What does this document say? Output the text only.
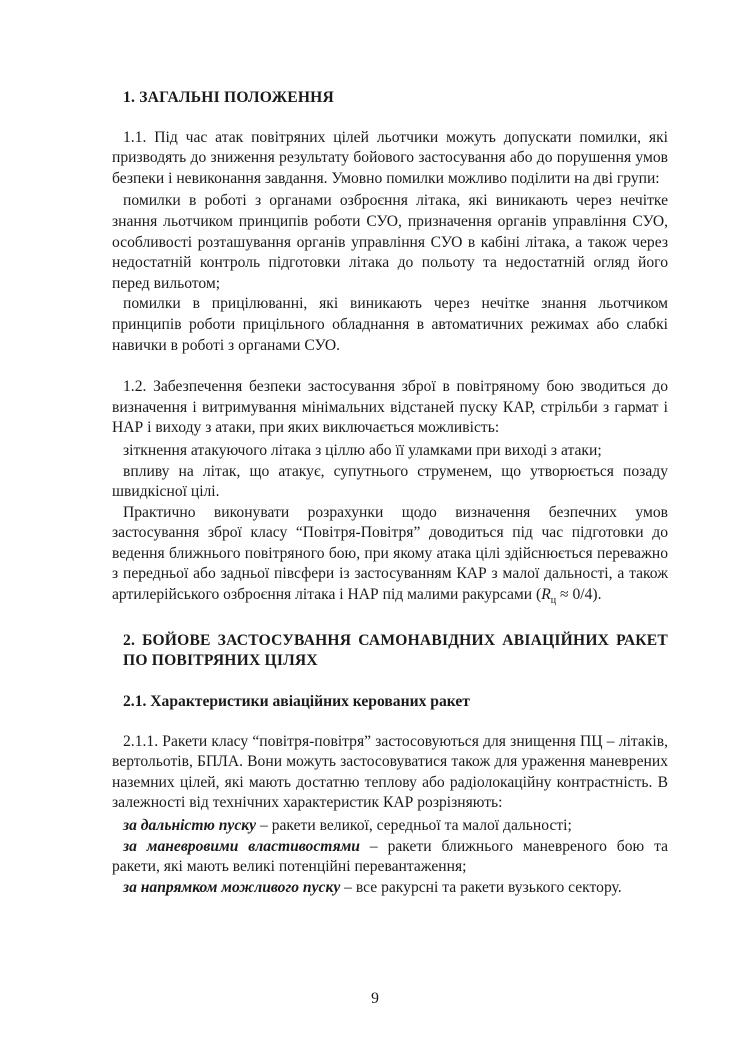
1. ЗАГАЛЬНІ ПОЛОЖЕННЯ

1.1. Під час атак повітряних цілей льотчики можуть допускати помилки, які призводять до зниження результату бойового застосування або до порушення умов безпеки і невиконання завдання. Умовно помилки можливо поділити на дві групи:

помилки в роботі з органами озброєння літака, які виникають через нечітке знання льотчиком принципів роботи СУО, призначення органів управління СУО, особливості розташування органів управління СУО в кабіні літака, а також через недостатній контроль підготовки літака до польоту та недостатній огляд його перед вильотом;

помилки в прицілюванні, які виникають через нечітке знання льотчиком принципів роботи прицільного обладнання в автоматичних режимах або слабкі навички в роботі з органами СУО.

1.2. Забезпечення безпеки застосування зброї в повітряному бою зводиться до визначення і витримування мінімальних відстаней пуску КАР, стрільби з гармат і НАР і виходу з атаки, при яких виключається можливість:

зіткнення атакуючого літака з ціллю або її уламками при виході з атаки;

впливу на літак, що атакує, супутнього струменем, що утворюється позаду швидкісної цілі.

Практично виконувати розрахунки щодо визначення безпечних умов застосування зброї класу “Повітря-Повітря” доводиться під час підготовки до ведення ближнього повітряного бою, при якому атака цілі здійснюється переважно з передньої або задньої півсфери із застосуванням КАР з малої дальності, а також артилерійського озброєння літака і НАР під малими ракурсами $(R_ц \approx 0/4)$.

2. БОЙОВЕ ЗАСТОСУВАННЯ САМОНАВІДНИХ АВІАЦІЙНИХ РАКЕТ ПО ПОВІТРЯНИХ ЦІЛЯХ
2.1. Характеристики авіаційних керованих ракет

2.1.1. Ракети класу “повітря-повітря” застосовуються для знищення ПЦ – літаків, вертольотів, БПЛА. Вони можуть застосовуватися також для ураження маневрених наземних цілей, які мають достатню теплову або радіолокаційну контрастність. В залежності від технічних характеристик КАР розрізняють:

за дальністю пуску – ракети великої, середньої та малої дальності;

за маневровими властивостями – ракети ближнього маневреного бою та ракети, які мають великі потенційні перевантаження;

за напрямком можливого пуску – все ракурсні та ракети вузького сектору.

9
